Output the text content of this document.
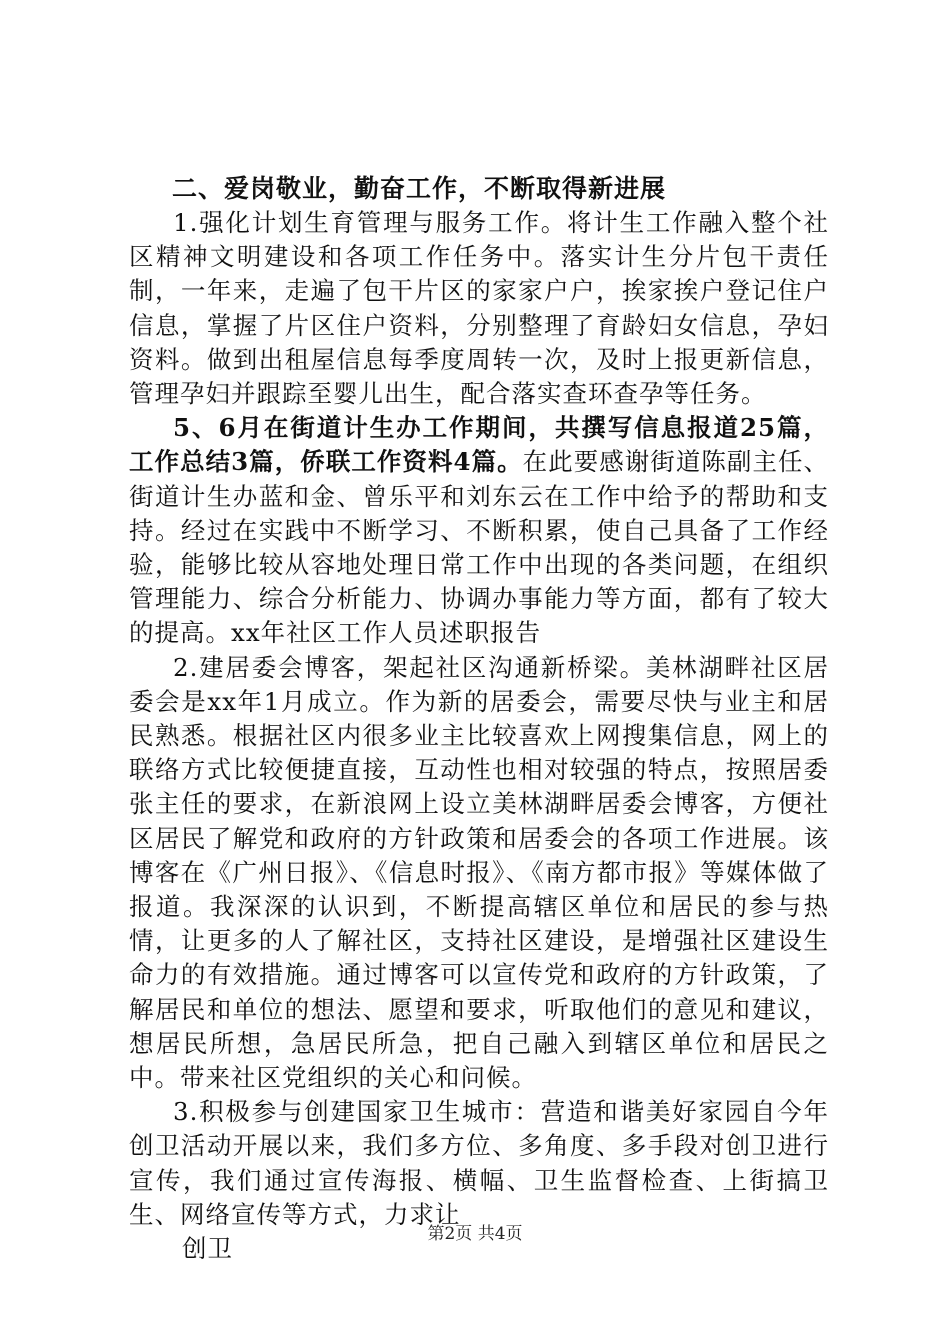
二、爱岗敬业，勤奋工作，不断取得新进展

1.强化计划生育管理与服务工作。将计生工作融入整个社区精神文明建设和各项工作任务中。落实计生分片包干责任制，一年来，走遍了包干片区的家家户户，挨家挨户登记住户信息，掌握了片区住户资料，分别整理了育龄妇女信息，孕妇资料。做到出租屋信息每季度周转一次，及时上报更新信息，管理孕妇并跟踪至婴儿出生，配合落实查环查孕等任务。

5、6月在街道计生办工作期间，共撰写信息报道25篇，工作总结3篇，侨联工作资料4篇。在此要感谢街道陈副主任、街道计生办蓝和金、曾乐平和刘东云在工作中给予的帮助和支持。经过在实践中不断学习、不断积累，使自己具备了工作经验，能够比较从容地处理日常工作中出现的各类问题，在组织管理能力、综合分析能力、协调办事能力等方面，都有了较大的提高。xx年社区工作人员述职报告

2.建居委会博客，架起社区沟通新桥梁。美林湖畔社区居委会是xx年1月成立。作为新的居委会，需要尽快与业主和居民熟悉。根据社区内很多业主比较喜欢上网搜集信息，网上的联络方式比较便捷直接，互动性也相对较强的特点，按照居委张主任的要求，在新浪网上设立美林湖畔居委会博客，方便社区居民了解党和政府的方针政策和居委会的各项工作进展。该博客在《广州日报》、《信息时报》、《南方都市报》等媒体做了报道。我深深的认识到，不断提高辖区单位和居民的参与热情，让更多的人了解社区，支持社区建设，是增强社区建设生命力的有效措施。通过博客可以宣传党和政府的方针政策，了解居民和单位的想法、愿望和要求，听取他们的意见和建议，想居民所想，急居民所急，把自己融入到辖区单位和居民之中。带来社区党组织的关心和问候。

3.积极参与创建国家卫生城市：营造和谐美好家园自今年创卫活动开展以来，我们多方位、多角度、多手段对创卫进行宣传，我们通过宣传海报、横幅、卫生监督检查、上街搞卫生、网络宣传等方式，力求让

创卫

第2页 共4页
